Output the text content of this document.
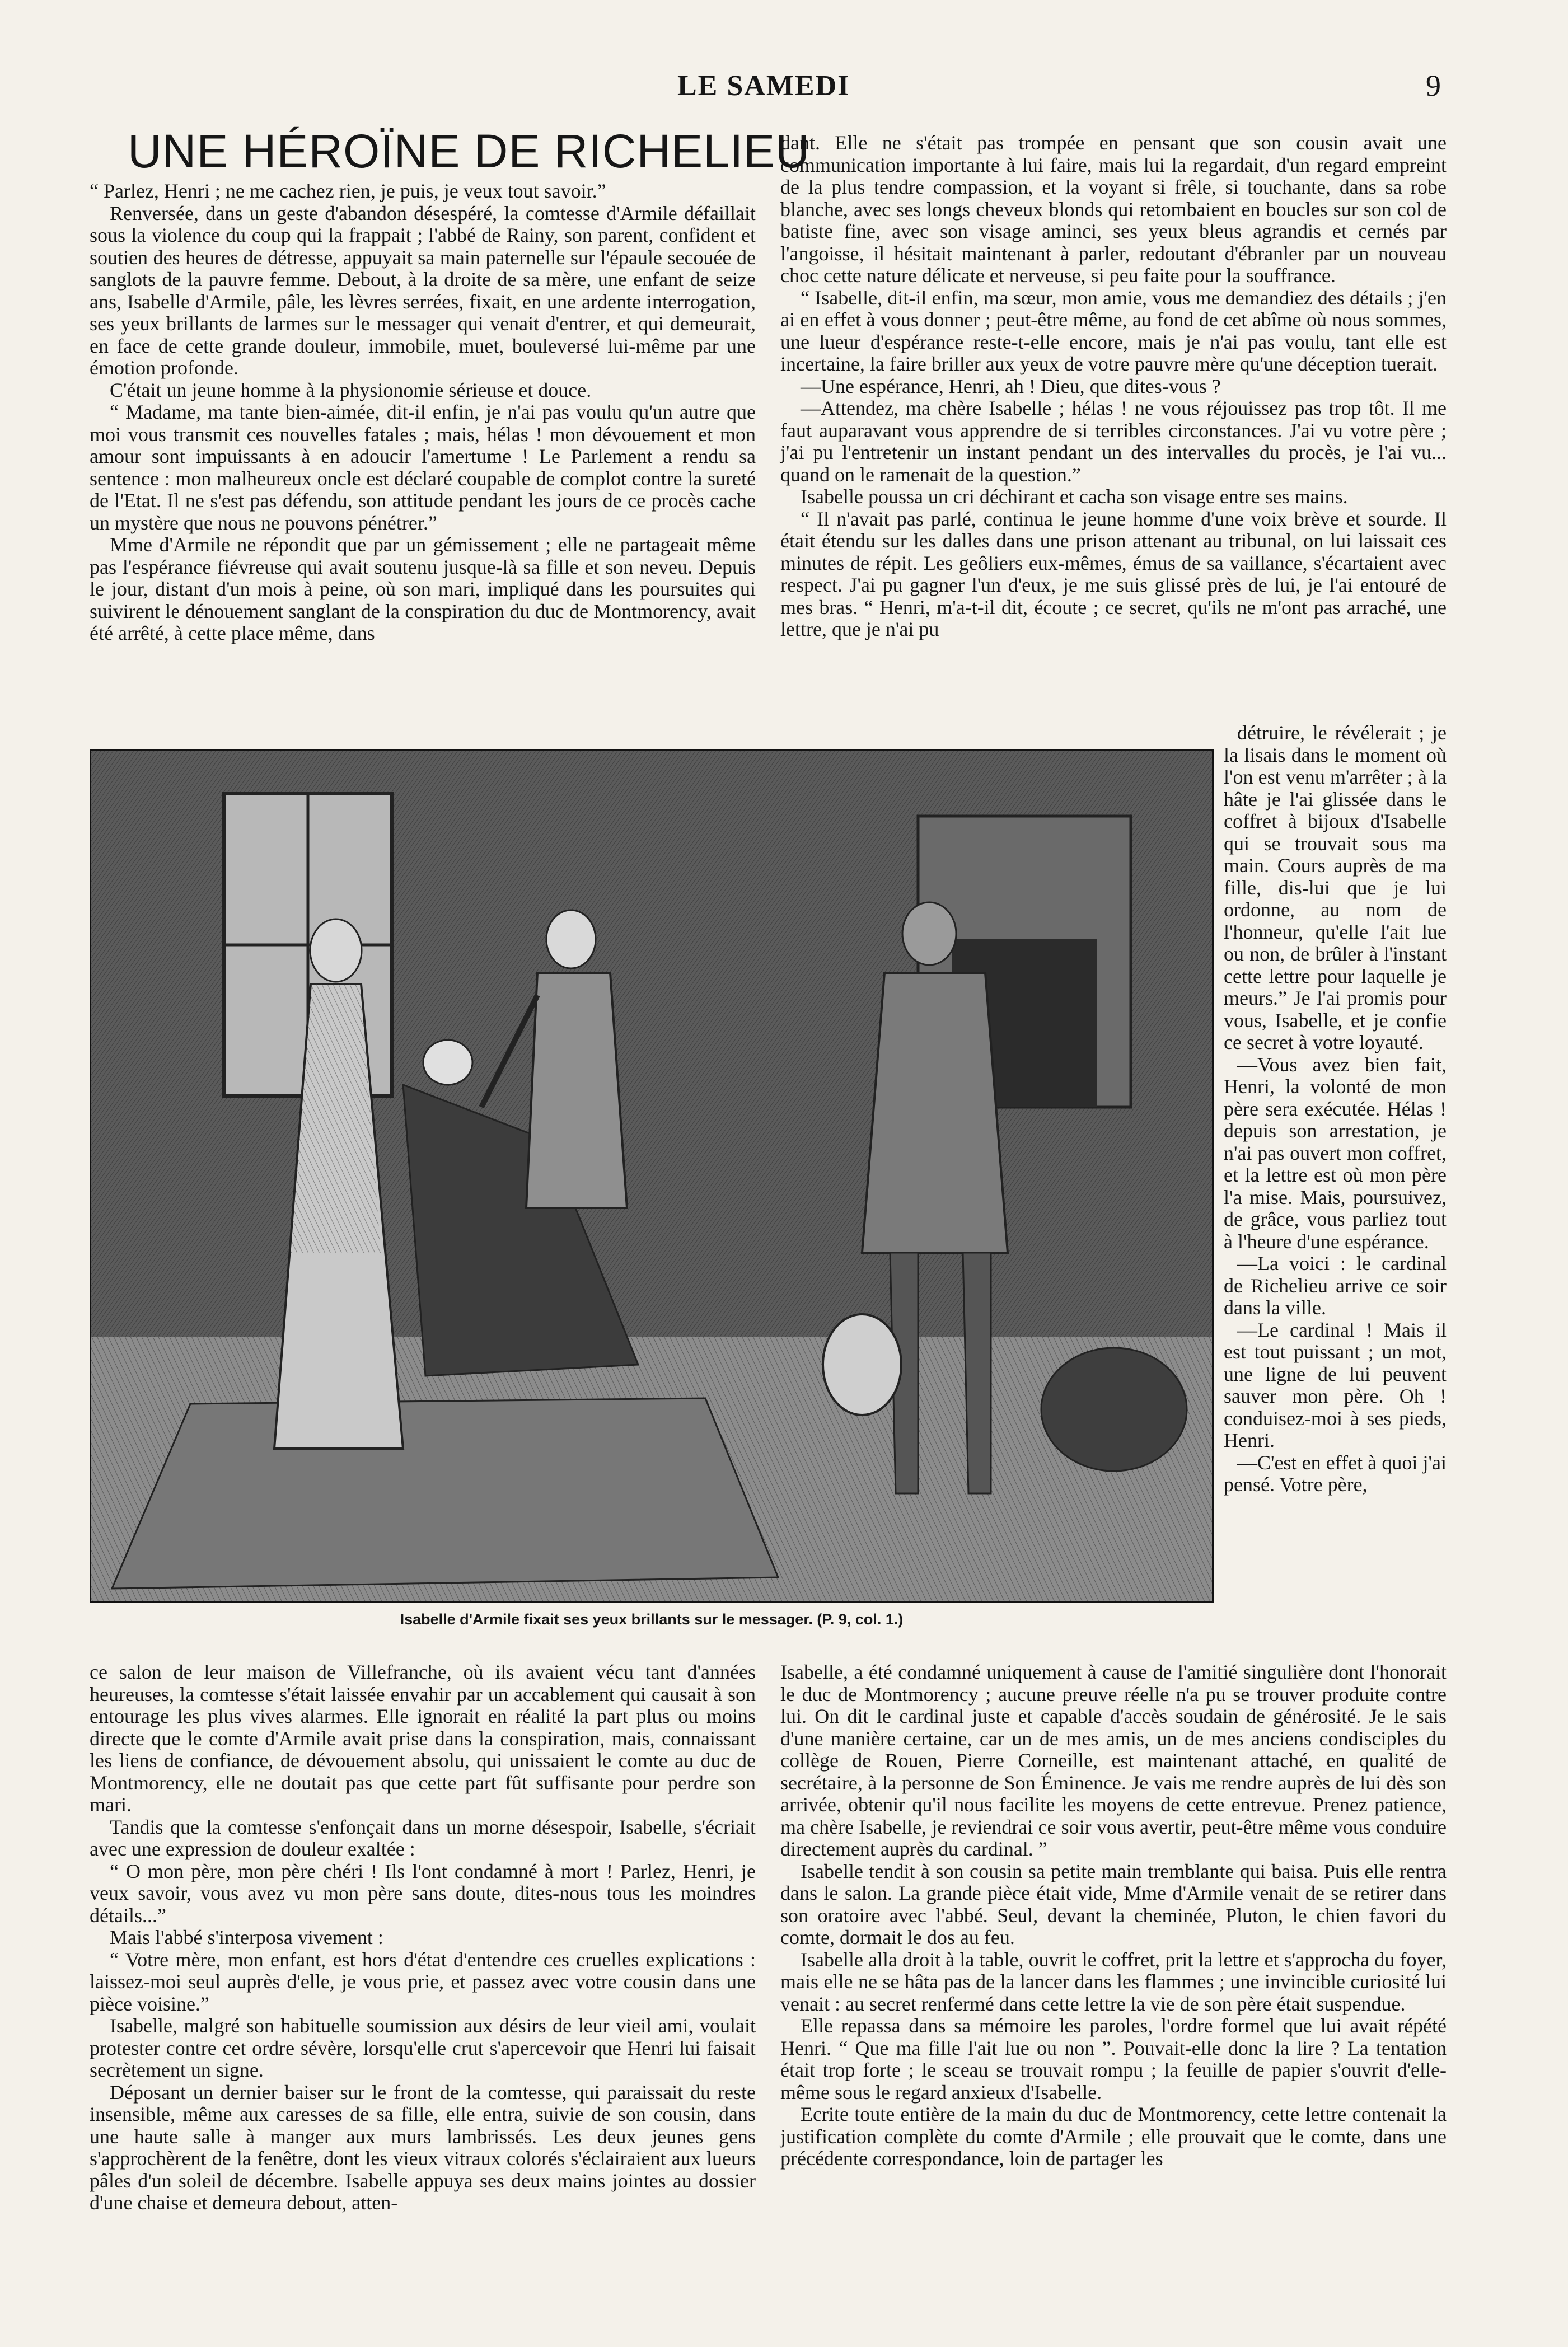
LE SAMEDI	9
UNE HÉROÏNE DE RICHELIEU

“ Parlez, Henri ; ne me cachez rien, je puis, je veux tout savoir.”

Renversée, dans un geste d'abandon désespéré, la comtesse d'Armile défaillait sous la violence du coup qui la frappait ; l'abbé de Rainy, son parent, confident et soutien des heures de détresse, appuyait sa main paternelle sur l'épaule secouée de sanglots de la pauvre femme. Debout, à la droite de sa mère, une enfant de seize ans, Isabelle d'Armile, pâle, les lèvres serrées, fixait, en une ardente interrogation, ses yeux brillants de larmes sur le messager qui venait d'entrer, et qui demeurait, en face de cette grande douleur, immobile, muet, bouleversé lui-même par une émotion profonde.

C'était un jeune homme à la physionomie sérieuse et douce.

“ Madame, ma tante bien-aimée, dit-il enfin, je n'ai pas voulu qu'un autre que moi vous transmit ces nouvelles fatales ; mais, hélas ! mon dévouement et mon amour sont impuissants à en adoucir l'amertume ! Le Parlement a rendu sa sentence : mon malheureux oncle est déclaré coupable de complot contre la sureté de l'Etat. Il ne s'est pas défendu, son attitude pendant les jours de ce procès cache un mystère que nous ne pouvons pénétrer.”

Mme d'Armile ne répondit que par un gémissement ; elle ne partageait même pas l'espérance fiévreuse qui avait soutenu jusque-là sa fille et son neveu. Depuis le jour, distant d'un mois à peine, où son mari, impliqué dans les poursuites qui suivirent le dénouement sanglant de la conspiration du duc de Montmorency, avait été arrêté, à cette place même, dans

dant. Elle ne s'était pas trompée en pensant que son cousin avait une communication importante à lui faire, mais lui la regardait, d'un regard empreint de la plus tendre compassion, et la voyant si frêle, si touchante, dans sa robe blanche, avec ses longs cheveux blonds qui retombaient en boucles sur son col de batiste fine, avec son visage aminci, ses yeux bleus agrandis et cernés par l'angoisse, il hésitait maintenant à parler, redoutant d'ébranler par un nouveau choc cette nature délicate et nerveuse, si peu faite pour la souffrance.

“ Isabelle, dit-il enfin, ma sœur, mon amie, vous me demandiez des détails ; j'en ai en effet à vous donner ; peut-être même, au fond de cet abîme où nous sommes, une lueur d'espérance reste-t-elle encore, mais je n'ai pas voulu, tant elle est incertaine, la faire briller aux yeux de votre pauvre mère qu'une déception tuerait.

—Une espérance, Henri, ah ! Dieu, que dites-vous ?

—Attendez, ma chère Isabelle ; hélas ! ne vous réjouissez pas trop tôt. Il me faut auparavant vous apprendre de si terribles circonstances. J'ai vu votre père ; j'ai pu l'entretenir un instant pendant un des intervalles du procès, je l'ai vu... quand on le ramenait de la question.”

Isabelle poussa un cri déchirant et cacha son visage entre ses mains.

“ Il n'avait pas parlé, continua le jeune homme d'une voix brève et sourde. Il était étendu sur les dalles dans une prison attenant au tribunal, on lui laissait ces minutes de répit. Les geôliers eux-mêmes, émus de sa vaillance, s'écartaient avec respect. J'ai pu gagner l'un d'eux, je me suis glissé près de lui, je l'ai entouré de mes bras. “ Henri, m'a-t-il dit, écoute ; ce secret, qu'ils ne m'ont pas arraché, une lettre, que je n'ai pu

Isabelle d'Armile fixait ses yeux brillants sur le messager. (P. 9, col. 1.)

détruire, le révélerait ; je la lisais dans le moment où l'on est venu m'arrêter ; à la hâte je l'ai glissée dans le coffret à bijoux d'Isabelle qui se trouvait sous ma main. Cours auprès de ma fille, dis-lui que je lui ordonne, au nom de l'honneur, qu'elle l'ait lue ou non, de brûler à l'instant cette lettre pour laquelle je meurs.” Je l'ai promis pour vous, Isabelle, et je confie ce secret à votre loyauté.

—Vous avez bien fait, Henri, la volonté de mon père sera exécutée. Hélas ! depuis son arrestation, je n'ai pas ouvert mon coffret, et la lettre est où mon père l'a mise. Mais, poursuivez, de grâce, vous parliez tout à l'heure d'une espérance.

—La voici : le cardinal de Richelieu arrive ce soir dans la ville.

—Le cardinal ! Mais il est tout puissant ; un mot, une ligne de lui peuvent sauver mon père. Oh ! conduisez-moi à ses pieds, Henri.

—C'est en effet à quoi j'ai pensé. Votre père,

ce salon de leur maison de Villefranche, où ils avaient vécu tant d'années heureuses, la comtesse s'était laissée envahir par un accablement qui causait à son entourage les plus vives alarmes. Elle ignorait en réalité la part plus ou moins directe que le comte d'Armile avait prise dans la conspiration, mais, connaissant les liens de confiance, de dévouement absolu, qui unissaient le comte au duc de Montmorency, elle ne doutait pas que cette part fût suffisante pour perdre son mari.

Tandis que la comtesse s'enfonçait dans un morne désespoir, Isabelle, s'écriait avec une expression de douleur exaltée :

“ O mon père, mon père chéri ! Ils l'ont condamné à mort ! Parlez, Henri, je veux savoir, vous avez vu mon père sans doute, dites-nous tous les moindres détails...”

Mais l'abbé s'interposa vivement :

“ Votre mère, mon enfant, est hors d'état d'entendre ces cruelles explications : laissez-moi seul auprès d'elle, je vous prie, et passez avec votre cousin dans une pièce voisine.”

Isabelle, malgré son habituelle soumission aux désirs de leur vieil ami, voulait protester contre cet ordre sévère, lorsqu'elle crut s'apercevoir que Henri lui faisait secrètement un signe.

Déposant un dernier baiser sur le front de la comtesse, qui paraissait du reste insensible, même aux caresses de sa fille, elle entra, suivie de son cousin, dans une haute salle à manger aux murs lambrissés. Les deux jeunes gens s'approchèrent de la fenêtre, dont les vieux vitraux colorés s'éclairaient aux lueurs pâles d'un soleil de décembre. Isabelle appuya ses deux mains jointes au dossier d'une chaise et demeura debout, atten-

Isabelle, a été condamné uniquement à cause de l'amitié singulière dont l'honorait le duc de Montmorency ; aucune preuve réelle n'a pu se trouver produite contre lui. On dit le cardinal juste et capable d'accès soudain de générosité. Je le sais d'une manière certaine, car un de mes amis, un de mes anciens condisciples du collège de Rouen, Pierre Corneille, est maintenant attaché, en qualité de secrétaire, à la personne de Son Éminence. Je vais me rendre auprès de lui dès son arrivée, obtenir qu'il nous facilite les moyens de cette entrevue. Prenez patience, ma chère Isabelle, je reviendrai ce soir vous avertir, peut-être même vous conduire directement auprès du cardinal. ”

Isabelle tendit à son cousin sa petite main tremblante qui baisa. Puis elle rentra dans le salon. La grande pièce était vide, Mme d'Armile venait de se retirer dans son oratoire avec l'abbé. Seul, devant la cheminée, Pluton, le chien favori du comte, dormait le dos au feu.

Isabelle alla droit à la table, ouvrit le coffret, prit la lettre et s'approcha du foyer, mais elle ne se hâta pas de la lancer dans les flammes ; une invincible curiosité lui venait : au secret renfermé dans cette lettre la vie de son père était suspendue.

Elle repassa dans sa mémoire les paroles, l'ordre formel que lui avait répété Henri. “ Que ma fille l'ait lue ou non ”. Pouvait-elle donc la lire ? La tentation était trop forte ; le sceau se trouvait rompu ; la feuille de papier s'ouvrit d'elle-même sous le regard anxieux d'Isabelle.

Ecrite toute entière de la main du duc de Montmorency, cette lettre contenait la justification complète du comte d'Armile ; elle prouvait que le comte, dans une précédente correspondance, loin de partager les
